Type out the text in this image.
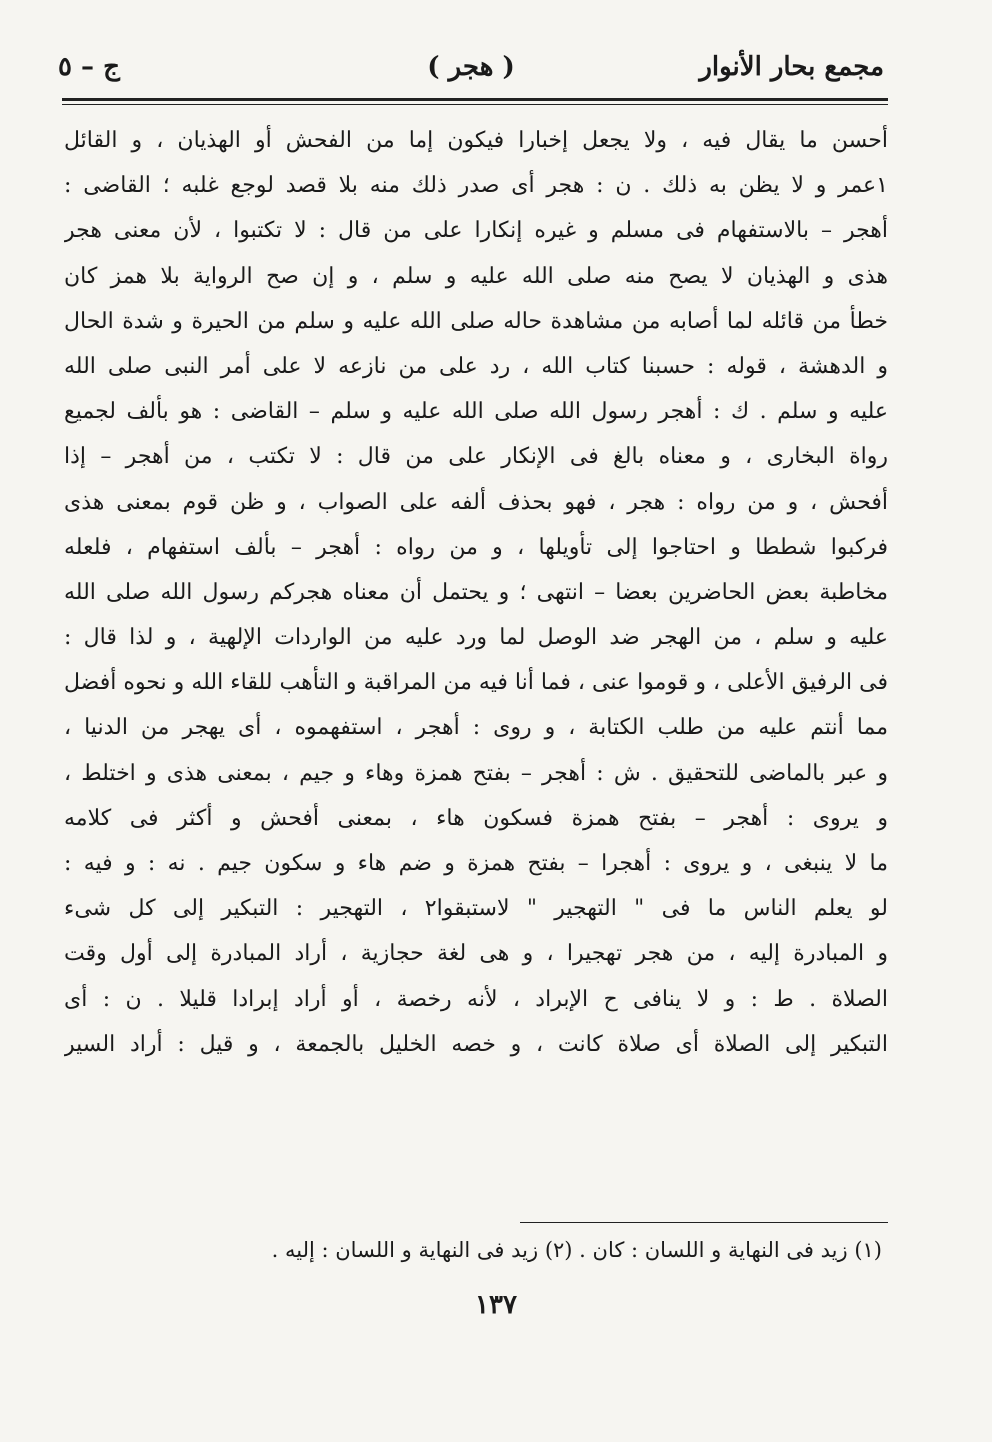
مجمع بحار الأنوار
( هجر )
ج – ٥
أحسن ما يقال فيه ، ولا يجعل إخبارا فيكون إما من الفحش أو الهذيان ، و القائل
١عمر و لا يظن به ذلك . ن : هجر أى صدر ذلك منه بلا قصد لوجع غلبه ؛ القاضى :
أهجر – بالاستفهام فى مسلم و غيره إنكارا على من قال : لا تكتبوا ، لأن معنى هجر
هذى و الهذيان لا يصح منه صلى الله عليه و سلم ، و إن صح الرواية بلا همز كان
خطأ من قائله لما أصابه من مشاهدة حاله صلى الله عليه و سلم من الحيرة و شدة الحال
و الدهشة ، قوله : حسبنا كتاب الله ، رد على من نازعه لا على أمر النبى صلى الله
عليه و سلم . ك : أهجر رسول الله صلى الله عليه و سلم – القاضى : هو بألف لجميع
رواة البخارى ، و معناه بالغ فى الإنكار على من قال : لا تكتب ، من أهجر – إذا
أفحش ، و من رواه : هجر ، فهو بحذف ألفه على الصواب ، و ظن قوم بمعنى هذى
فركبوا شططا و احتاجوا إلى تأويلها ، و من رواه : أهجر – بألف استفهام ، فلعله
مخاطبة بعض الحاضرين بعضا – انتهى ؛ و يحتمل أن معناه هجركم رسول الله صلى الله
عليه و سلم ، من الهجر ضد الوصل لما ورد عليه من الواردات الإلهية ، و لذا قال :
فى الرفيق الأعلى ، و قوموا عنى ، فما أنا فيه من المراقبة و التأهب للقاء الله و نحوه أفضل
مما أنتم عليه من طلب الكتابة ، و روى : أهجر ، استفهموه ، أى يهجر من الدنيا ،
و عبر بالماضى للتحقيق . ش : أهجر – بفتح همزة وهاء و جيم ، بمعنى هذى و اختلط ،
و يروى : أهجر – بفتح همزة فسكون هاء ، بمعنى أفحش و أكثر فى كلامه
ما لا ينبغى ، و يروى : أهجرا – بفتح همزة و ضم هاء و سكون جيم . نه : و فيه :
لو يعلم الناس ما فى " التهجير " لاستبقوا٢ ، التهجير : التبكير إلى كل شىء
و المبادرة إليه ، من هجر تهجيرا ، و هى لغة حجازية ، أراد المبادرة إلى أول وقت
الصلاة . ط : و لا ينافى ح الإبراد ، لأنه رخصة ، أو أراد إبرادا قليلا . ن : أى
التبكير إلى الصلاة أى صلاة كانت ، و خصه الخليل بالجمعة ، و قيل : أراد السير
(١) زيد فى النهاية و اللسان : كان . (٢) زيد فى النهاية و اللسان : إليه .
١٣٧
